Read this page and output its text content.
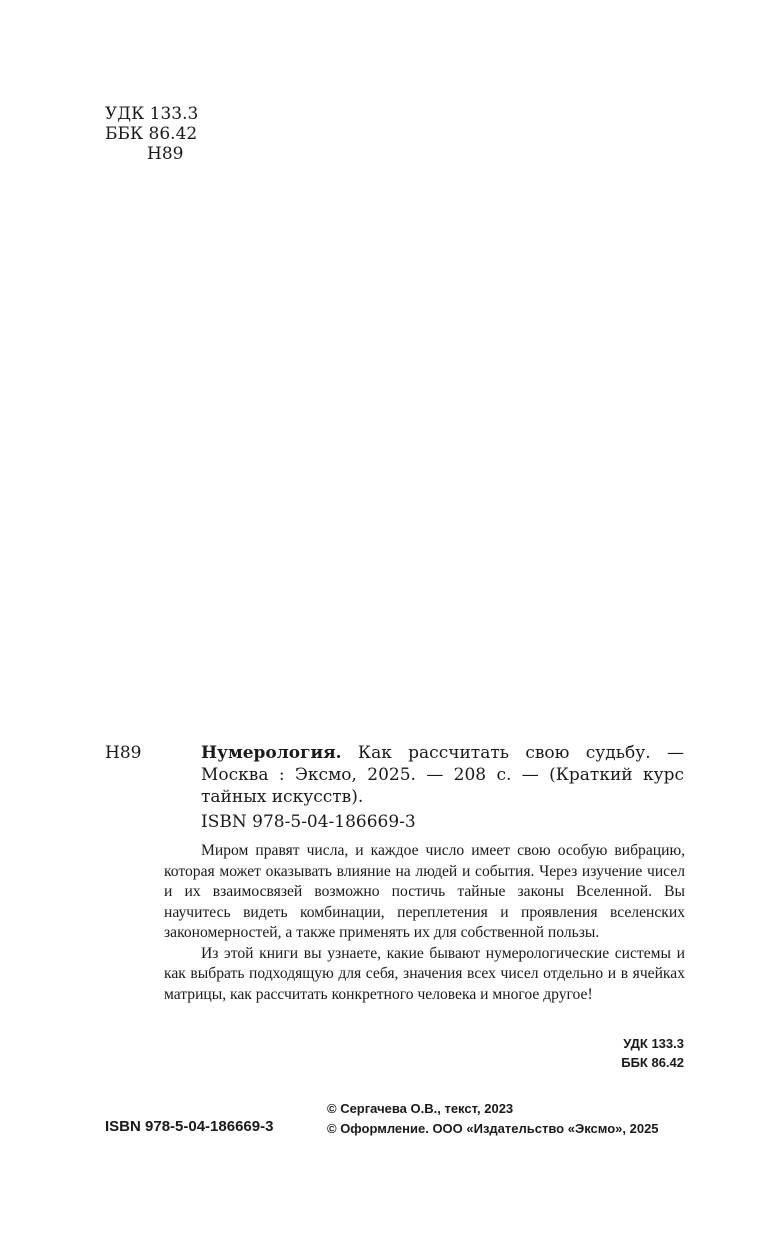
УДК 133.3
ББК 86.42
Н89
Н89	Нумерология. Как рассчитать свою судьбу. — Москва : Эксмо, 2025. — 208 с. — (Краткий курс тайных искусств).
ISBN 978-5-04-186669-3

Миром правят числа, и каждое число имеет свою особую вибрацию, которая может оказывать влияние на людей и события. Через изучение чисел и их взаимосвязей возможно постичь тайные законы Вселенной. Вы научитесь видеть комбинации, переплетения и проявления вселенских закономерностей, а также применять их для собственной пользы.

Из этой книги вы узнаете, какие бывают нумерологические системы и как выбрать подходящую для себя, значения всех чисел отдельно и в ячейках матрицы, как рассчитать конкретного человека и многое другое!

УДК 133.3
ББК 86.42
ISBN 978-5-04-186669-3
© Сергачева О.В., текст, 2023
© Оформление. ООО «Издательство «Эксмо», 2025
